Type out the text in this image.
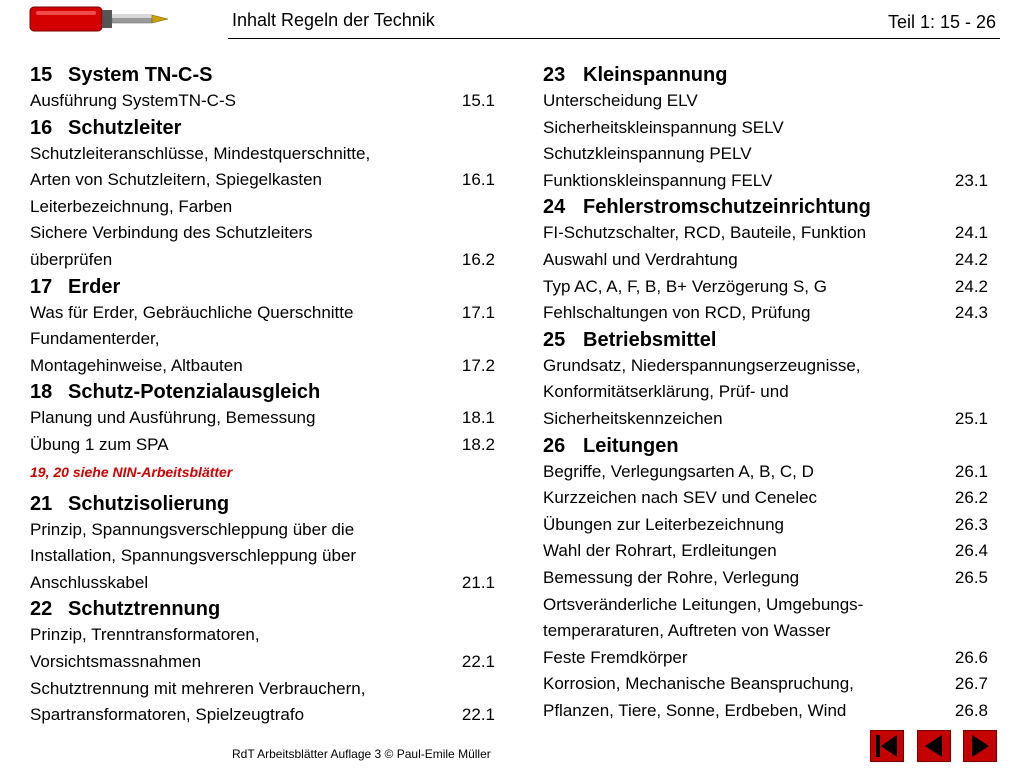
Inhalt Regeln der Technik	Teil 1: 15 - 26
15 System TN-C-S
Ausführung SystemTN-C-S	15.1
16 Schutzleiter
Schutzleiteranschlüsse, Mindestquerschnitte,
Arten von Schutzleitern, Spiegelkasten	16.1
Leiterbezeichnung, Farben
Sichere Verbindung des Schutzleiters
überprüfen	16.2
17 Erder
Was für Erder, Gebräuchliche Querschnitte	17.1
Fundamenterder,
Montagehinweise, Altbauten	17.2
18 Schutz-Potenzialausgleich
Planung und Ausführung, Bemessung	18.1
Übung 1 zum SPA	18.2
19, 20 siehe NIN-Arbeitsblätter
21 Schutzisolierung
Prinzip, Spannungsverschleppung über die
Installation, Spannungsverschleppung über
Anschlusskabel	21.1
22 Schutztrennung
Prinzip, Trenntransformatoren,
Vorsichtsmassnahmen	22.1
Schutztrennung mit mehreren Verbrauchern,
Spartransformatoren, Spielzeugtrafo	22.1
23 Kleinspannung
Unterscheidung ELV
Sicherheitskleinspannung SELV
Schutzkleinspannung PELV
Funktionskleinspannung FELV	23.1
24 Fehlerstromschutzeinrichtung
FI-Schutzschalter, RCD, Bauteile, Funktion	24.1
Auswahl und Verdrahtung	24.2
Typ AC, A, F, B, B+ Verzögerung S, G	24.2
Fehlschaltungen von RCD, Prüfung	24.3
25 Betriebsmittel
Grundsatz, Niederspannungserzeugnisse,
Konformitätserklärung, Prüf- und
Sicherheitskennzeichen	25.1
26 Leitungen
Begriffe, Verlegungsarten A, B, C, D	26.1
Kurzzeichen nach SEV und Cenelec	26.2
Übungen zur Leiterbezeichnung	26.3
Wahl der Rohrart, Erdleitungen	26.4
Bemessung der Rohre, Verlegung	26.5
Ortsveränderliche Leitungen, Umgebungs-
temperaraturen, Auftreten von Wasser
Feste Fremdkörper	26.6
Korrosion, Mechanische Beanspruchung,	26.7
Pflanzen, Tiere, Sonne, Erdbeben, Wind	26.8
RdT Arbeitsblätter Auflage 3 © Paul-Emile Müller
